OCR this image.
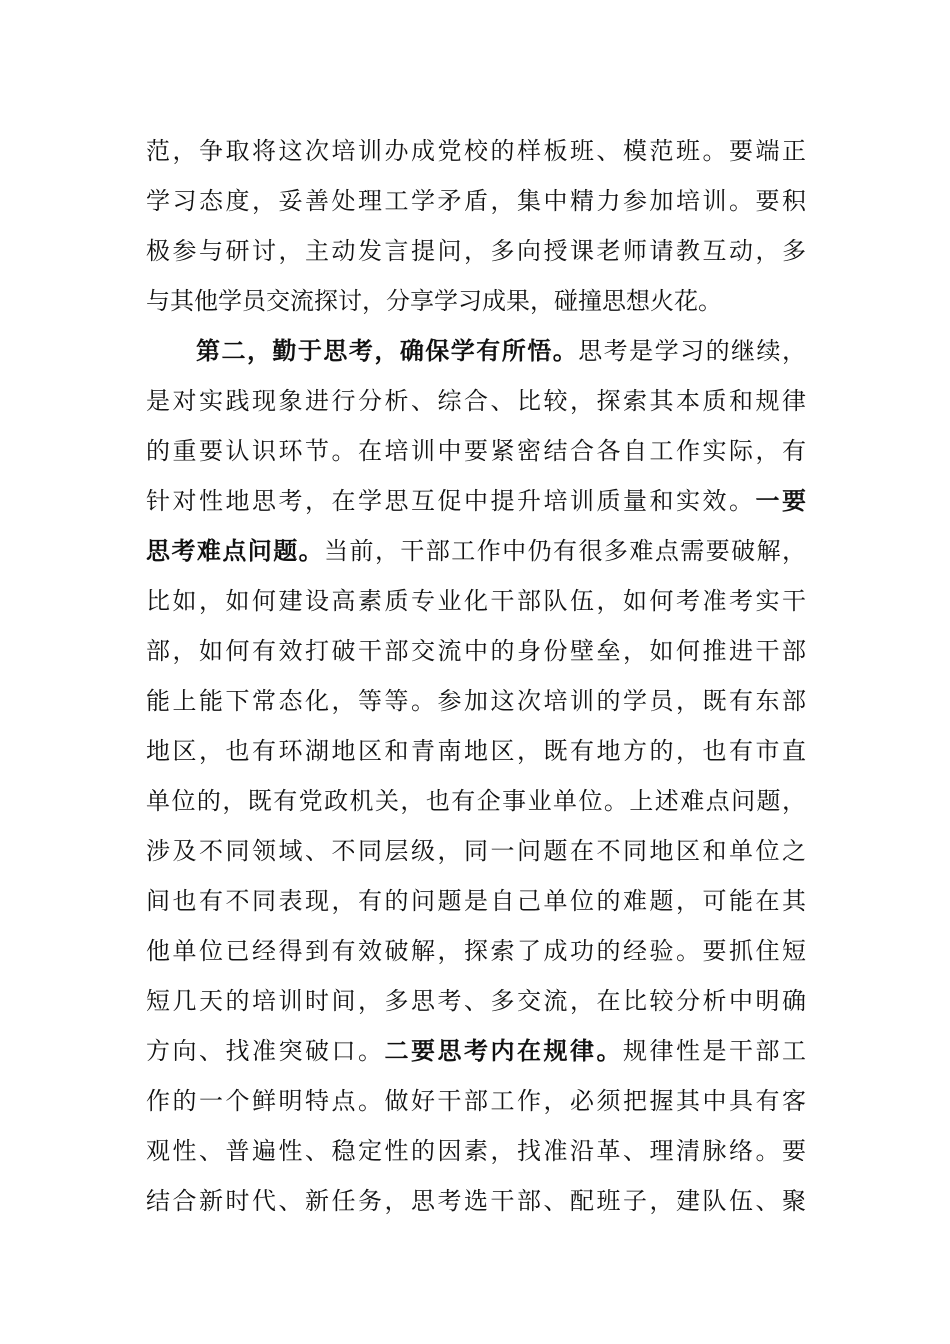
范，争取将这次培训办成党校的样板班、模范班。要端正
学习态度，妥善处理工学矛盾，集中精力参加培训。要积
极参与研讨，主动发言提问，多向授课老师请教互动，多
与其他学员交流探讨，分享学习成果，碰撞思想火花。
第二，勤于思考，确保学有所悟。思考是学习的继续，
是对实践现象进行分析、综合、比较，探索其本质和规律
的重要认识环节。在培训中要紧密结合各自工作实际，有
针对性地思考，在学思互促中提升培训质量和实效。一要
思考难点问题。当前，干部工作中仍有很多难点需要破解，
比如，如何建设高素质专业化干部队伍，如何考准考实干
部，如何有效打破干部交流中的身份壁垒，如何推进干部
能上能下常态化，等等。参加这次培训的学员，既有东部
地区，也有环湖地区和青南地区，既有地方的，也有市直
单位的，既有党政机关，也有企事业单位。上述难点问题，
涉及不同领域、不同层级，同一问题在不同地区和单位之
间也有不同表现，有的问题是自己单位的难题，可能在其
他单位已经得到有效破解，探索了成功的经验。要抓住短
短几天的培训时间，多思考、多交流，在比较分析中明确
方向、找准突破口。二要思考内在规律。规律性是干部工
作的一个鲜明特点。做好干部工作，必须把握其中具有客
观性、普遍性、稳定性的因素，找准沿革、理清脉络。要
结合新时代、新任务，思考选干部、配班子，建队伍、聚
